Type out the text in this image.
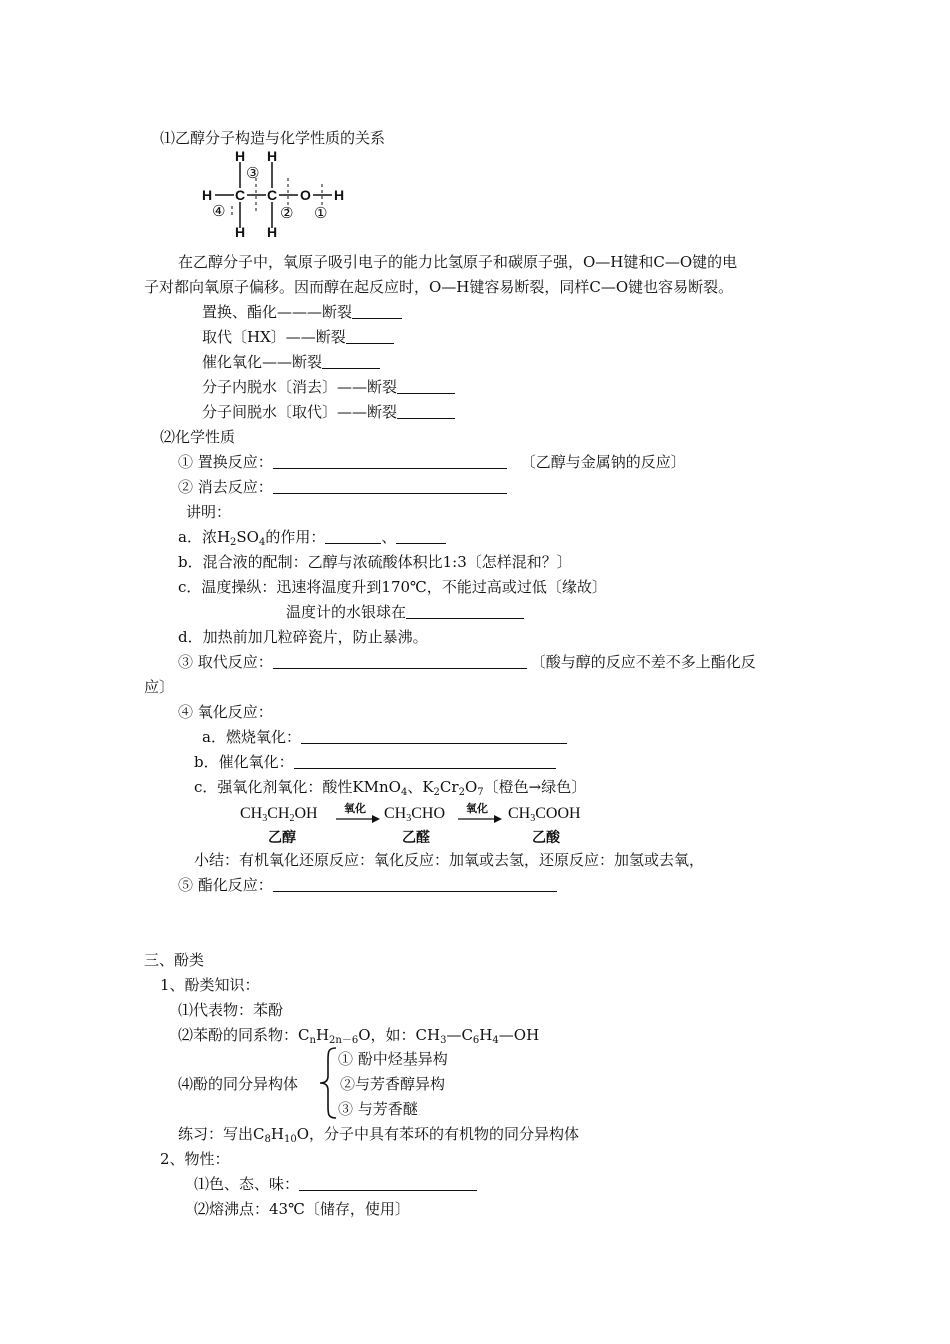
⑴乙醇分子构造与化学性质的关系
H H
H C C O H
H H
③
④	② ①
在乙醇分子中，氧原子吸引电子的能力比氢原子和碳原子强，O—H键和C—O键的电
子对都向氧原子偏移。因而醇在起反应时，O—H键容易断裂，同样C—O键也容易断裂。
置换、酯化———断裂
取代〔HX〕——断裂
催化氧化——断裂
分子内脱水〔消去〕——断裂
分子间脱水〔取代〕——断裂
⑵化学性质
① 置换反应：	〔乙醇与金属钠的反应〕
② 消去反应：
讲明：
a．浓$H_2SO_4$的作用：	、
b．混合液的配制：乙醇与浓硫酸体积比1:3〔怎样混和？〕
c．温度操纵：迅速将温度升到170℃，不能过高或过低〔缘故〕
温度计的水银球在
d．加热前加几粒碎瓷片，防止暴沸。
③ 取代反应：	〔酸与醇的反应不差不多上酯化反
应〕
④ 氧化反应：
a．燃烧氧化：
b．催化氧化：
c．强氧化剂氧化：酸性KMnO$_4$、$K_2Cr_2O_7$〔橙色→绿色〕
$CH_3CH_2OH$ 氧化 $CH_3CHO$ 氧化 $CH_3COOH$
乙醇	乙醛	乙酸
小结：有机氧化还原反应：氧化反应：加氧或去氢，还原反应：加氢或去氧，
⑤ 酯化反应：
三、酚类
1、酚类知识：
⑴代表物：苯酚
⑵苯酚的同系物：$C_nH_{2n-6}O$，如：$CH_3—C_6H_4—OH$
⑷酚的同分异构体
① 酚中烃基异构
②与芳香醇异构
③ 与芳香醚
练习：写出$C_8H_{10}O$，分子中具有苯环的有机物的同分异构体
2、物性：
⑴色、态、味：
⑵熔沸点：43℃〔储存，使用〕
